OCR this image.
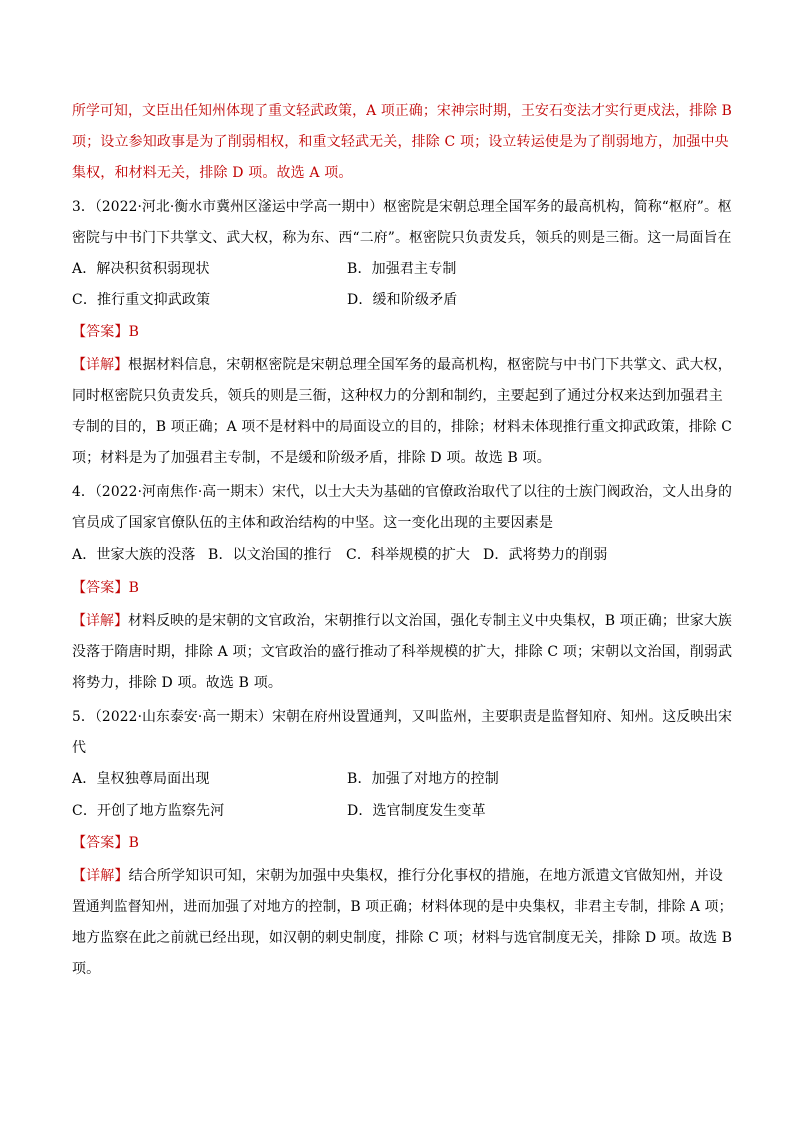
所学可知，文臣出任知州体现了重文轻武政策，A 项正确；宋神宗时期，王安石变法才实行更戍法，排除 B
项；设立参知政事是为了削弱相权，和重文轻武无关，排除 C 项；设立转运使是为了削弱地方，加强中央
集权，和材料无关，排除 D 项。故选 A 项。
3．（2022·河北·衡水市冀州区滏运中学高一期中）枢密院是宋朝总理全国军务的最高机构，简称“枢府”。枢
密院与中书门下共掌文、武大权，称为东、西“二府”。枢密院只负责发兵，领兵的则是三衙。这一局面旨在
A．解决积贫积弱现状	B．加强君主专制
C．推行重文抑武政策	D．缓和阶级矛盾
【答案】B
【详解】根据材料信息，宋朝枢密院是宋朝总理全国军务的最高机构，枢密院与中书门下共掌文、武大权，
同时枢密院只负责发兵，领兵的则是三衙，这种权力的分割和制约，主要起到了通过分权来达到加强君主
专制的目的，B 项正确；A 项不是材料中的局面设立的目的，排除；材料未体现推行重文抑武政策，排除 C
项；材料是为了加强君主专制，不是缓和阶级矛盾，排除 D 项。故选 B 项。
4．（2022·河南焦作·高一期末）宋代，以士大夫为基础的官僚政治取代了以往的士族门阀政治，文人出身的
官员成了国家官僚队伍的主体和政治结构的中坚。这一变化出现的主要因素是
A．世家大族的没落 B．以文治国的推行 C．科举规模的扩大 D．武将势力的削弱
【答案】B
【详解】材料反映的是宋朝的文官政治，宋朝推行以文治国，强化专制主义中央集权，B 项正确；世家大族
没落于隋唐时期，排除 A 项；文官政治的盛行推动了科举规模的扩大，排除 C 项；宋朝以文治国，削弱武
将势力，排除 D 项。故选 B 项。
5．（2022·山东泰安·高一期末）宋朝在府州设置通判，又叫监州，主要职责是监督知府、知州。这反映出宋
代
A．皇权独尊局面出现	B．加强了对地方的控制
C．开创了地方监察先河	D．选官制度发生变革
【答案】B
【详解】结合所学知识可知，宋朝为加强中央集权，推行分化事权的措施，在地方派遣文官做知州，并设
置通判监督知州，进而加强了对地方的控制，B 项正确；材料体现的是中央集权，非君主专制，排除 A 项；
地方监察在此之前就已经出现，如汉朝的刺史制度，排除 C 项；材料与选官制度无关，排除 D 项。故选 B
项。
